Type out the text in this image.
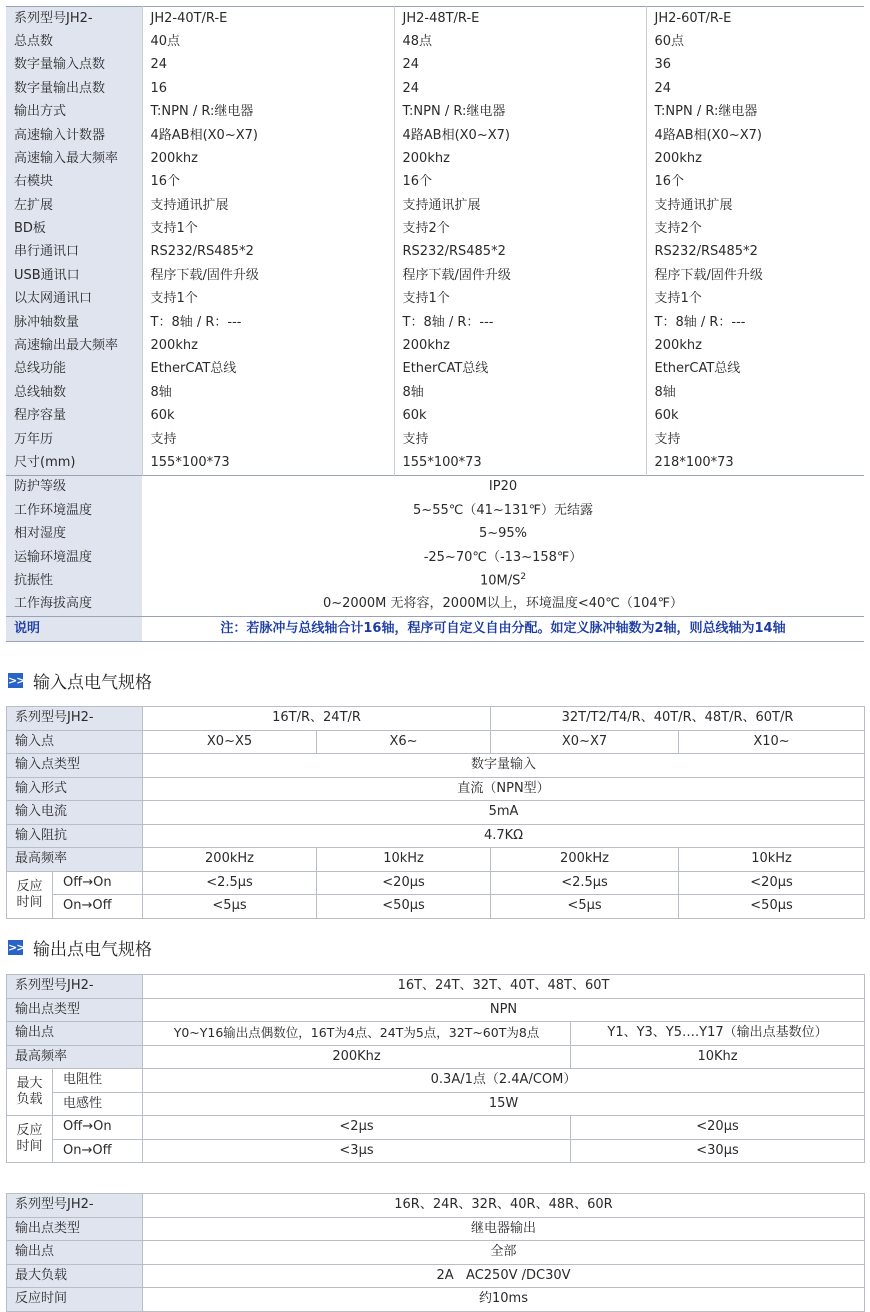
系列型号JH2-	JH2-40T/R-E	JH2-48T/R-E	JH2-60T/R-E
总点数	40点	48点	60点
数字量输入点数	24	24	36
数字量输出点数	16	24	24
输出方式	T:NPN / R:继电器	T:NPN / R:继电器	T:NPN / R:继电器
高速输入计数器	4路AB相(X0~X7)	4路AB相(X0~X7)	4路AB相(X0~X7)
高速输入最大频率	200khz	200khz	200khz
右模块	16个	16个	16个
左扩展	支持通讯扩展	支持通讯扩展	支持通讯扩展
BD板	支持1个	支持2个	支持2个
串行通讯口	RS232/RS485*2	RS232/RS485*2	RS232/RS485*2
USB通讯口	程序下载/固件升级	程序下载/固件升级	程序下载/固件升级
以太网通讯口	支持1个	支持1个	支持1个
脉冲轴数量	T：8轴 / R：---	T：8轴 / R：---	T：8轴 / R：---
高速输出最大频率	200khz	200khz	200khz
总线功能	EtherCAT总线	EtherCAT总线	EtherCAT总线
总线轴数	8轴	8轴	8轴
程序容量	60k	60k	60k
万年历	支持	支持	支持
尺寸(mm)	155*100*73	155*100*73	218*100*73
防护等级	IP20		
工作环境温度	5~55℃（41~131℉）无结露		
相对湿度	5~95%		
运输环境温度	-25~70℃（-13~158℉）		
抗振性	$10M/S^2$
工作海拔高度	0~2000M 无将容，2000M以上，环境温度<40℃（104℉）		
说明	注：若脉冲与总线轴合计16轴，程序可自定义自由分配。如定义脉冲轴数为2轴，则总线轴为14轴		
>> 输入点电气规格
系列型号JH2-		16T/R、24T/R		32T/T2/T4/R、40T/R、48T/R、60T/R	
输入点		X0~X5	X6~	X0~X7	X10~
输入点类型		数字量输入			
输入形式		直流（NPN型）			
输入电流		5mA			
输入阻抗		4.7KΩ			
最高频率		200kHz	10kHz	200kHz	10kHz

反应
时间	Off→On	<2.5μs	<20μs	<2.5μs	<20μs
	On→Off	<5μs	<50μs	<5μs	<50μs
>> 输出点电气规格
系列型号JH2-		16T、24T、32T、40T、48T、60T	
输出点类型		NPN	
输出点		Y0~Y16输出点偶数位，16T为4点、24T为5点，32T~60T为8点	Y1、Y3、Y5….Y17（输出点基数位）
最高频率		200Khz	10Khz

最大
负载	电阻性	0.3A/1点（2.4A/COM）	
	电感性	15W	

反应
时间	Off→On	<2μs	<20μs
	On→Off	<3μs	<30μs
系列型号JH2-	16R、24R、32R、40R、48R、60R
输出点类型	继电器输出
输出点	全部
最大负载	2A   AC250V /DC30V
反应时间	约10ms
